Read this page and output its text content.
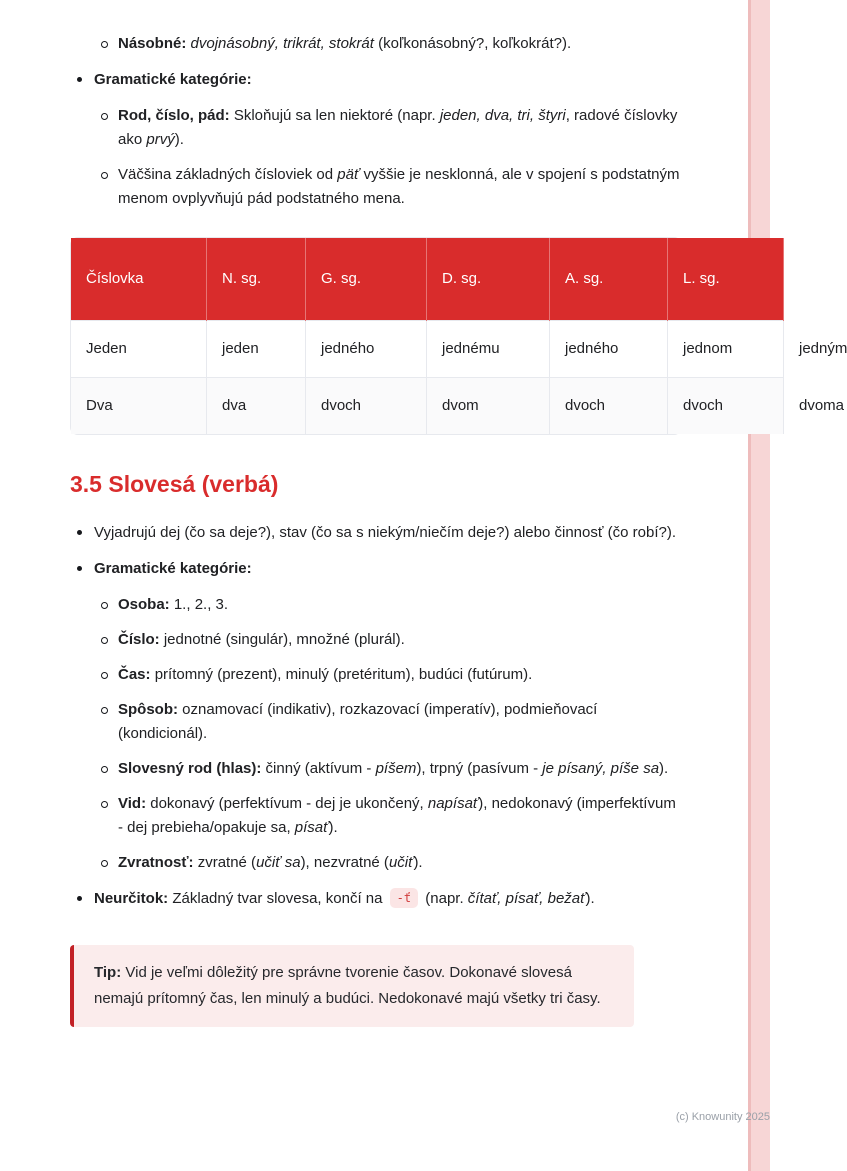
Násobné: dvojnásobný, trikrát, stokrát (koľkonásobný?, koľkokrát?).
Gramatické kategórie:
Rod, číslo, pád: Skloňujú sa len niektoré (napr. jeden, dva, tri, štyri, radové číslovky ako prvý).
Väčšina základných čísloviek od päť vyššie je nesklonná, ale v spojení s podstatným menom ovplyvňujú pád podstatného mena.
Číslovka	N. sg.	G. sg.	D. sg.	A. sg.	L. sg.	I. sg.
Jeden	jeden	jedného	jednému	jedného	jednom	jedným
Dva	dva	dvoch	dvom	dvoch	dvoch	dvoma
3.5 Slovesá (verbá)
Vyjadrujú dej (čo sa deje?), stav (čo sa s niekým/niečím deje?) alebo činnosť (čo robí?).
Gramatické kategórie:
Osoba: 1., 2., 3.
Číslo: jednotné (singulár), množné (plurál).
Čas: prítomný (prezent), minulý (pretéritum), budúci (futúrum).
Spôsob: oznamovací (indikativ), rozkazovací (imperatív), podmieňovací (kondicionál).
Slovesný rod (hlas): činný (aktívum - píšem), trpný (pasívum - je písaný, píše sa).
Vid: dokonavý (perfektívum - dej je ukončený, napísať), nedokonavý (imperfektívum - dej prebieha/opakuje sa, písať).
Zvratnosť: zvratné (učiť sa), nezvratné (učiť).
Neurčitok: Základný tvar slovesa, končí na -ť (napr. čítať, písať, bežať).
Tip: Vid je veľmi dôležitý pre správne tvorenie časov. Dokonavé slovesá nemajú prítomný čas, len minulý a budúci. Nedokonavé majú všetky tri časy.
(c) Knowunity 2025
